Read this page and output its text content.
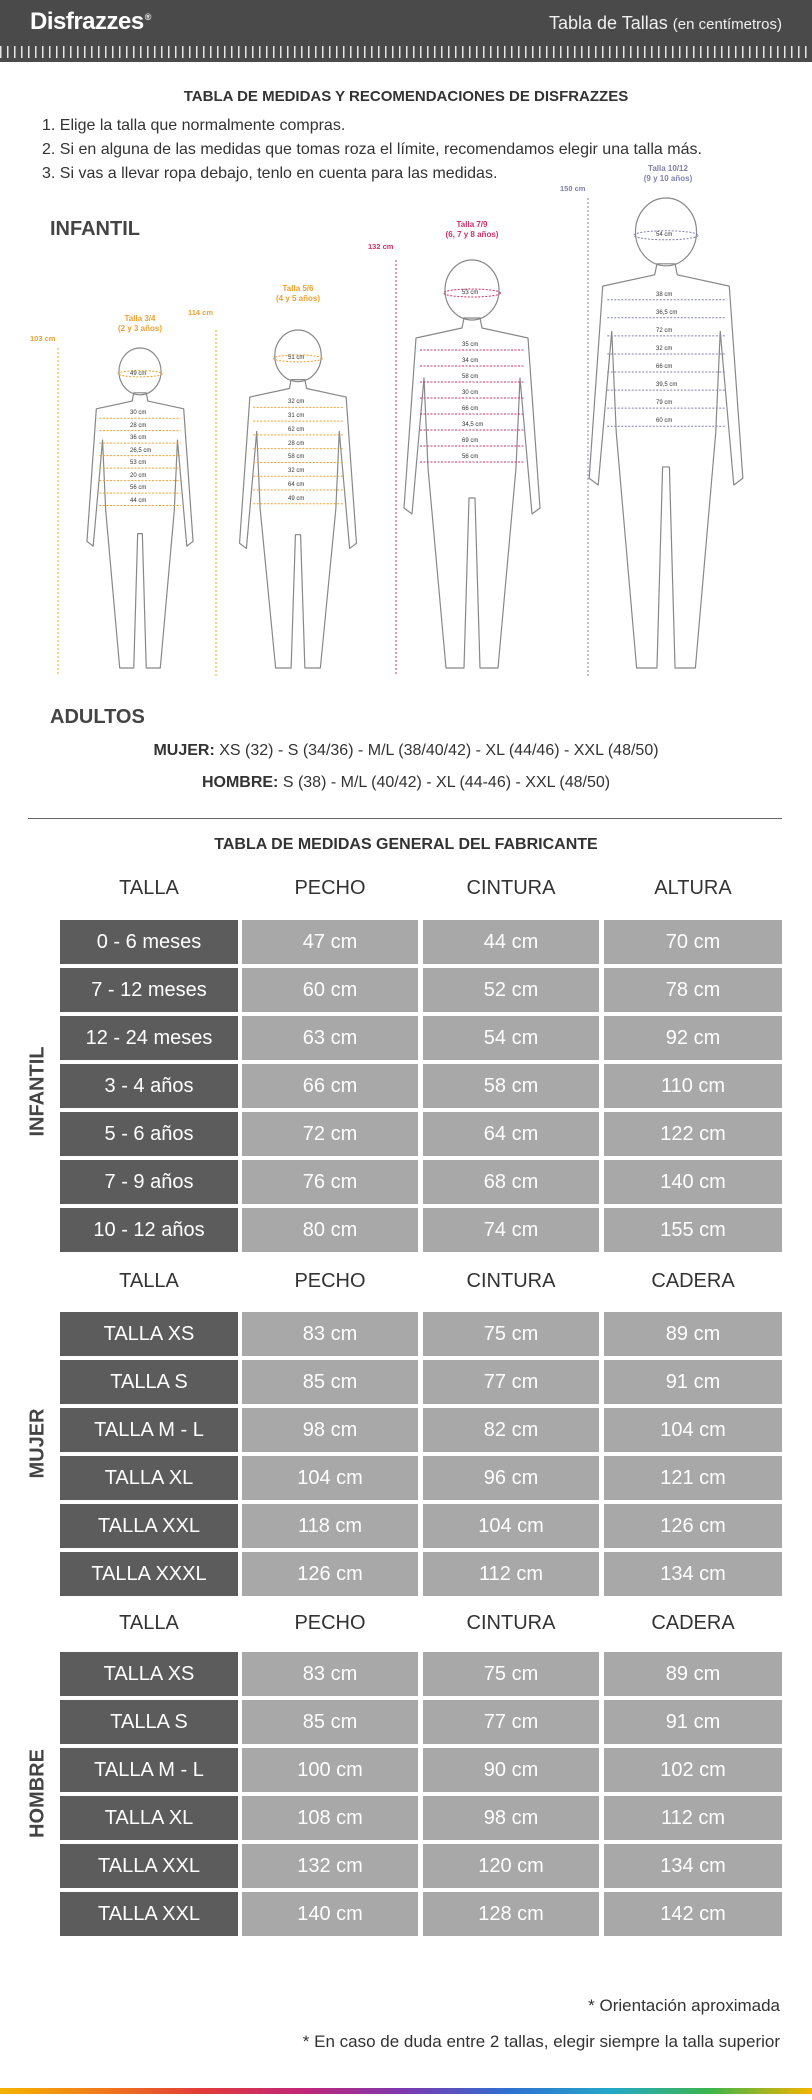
Disfrazzes®	Tabla de Tallas (en centímetros)
TABLA DE MEDIDAS Y RECOMENDACIONES DE DISFRAZZES
1. Elige la talla que normalmente compras.
2. Si en alguna de las medidas que tomas roza el límite, recomendamos elegir una talla más.
3. Si vas a llevar ropa debajo, tenlo en cuenta para las medidas.
INFANTIL
Talla 3/4
(2 y 3 años)
103 cm
49 cm
30 cm
28 cm
36 cm
26,5 cm
53 cm
20 cm
56 cm
44 cm
Talla 5/6
(4 y 5 años)
114 cm
51 cm
32 cm
31 cm
62 cm
28 cm
58 cm
32 cm
64 cm
49 cm
Talla 7/9
(6, 7 y 8 años)
132 cm
53 cm
35 cm
34 cm
58 cm
30 cm
66 cm
34,5 cm
69 cm
56 cm
Talla 10/12
(9 y 10 años)
150 cm
54 cm
38 cm
36,5 cm
72 cm
32 cm
66 cm
39,5 cm
79 cm
60 cm
ADULTOS
MUJER: XS (32) - S (34/36) - M/L (38/40/42) - XL (44/46) - XXL (48/50)
HOMBRE: S (38) - M/L (40/42) - XL (44-46) - XXL (48/50)
TABLA DE MEDIDAS GENERAL DEL FABRICANTE
TALLA	PECHO	CINTURA	ALTURA
INFANTIL
0 - 6 meses	47 cm	44 cm	70 cm
7 - 12 meses	60 cm	52 cm	78 cm
12 - 24 meses	63 cm	54 cm	92 cm
3 - 4 años	66 cm	58 cm	110 cm
5 - 6 años	72 cm	64 cm	122 cm
7 - 9 años	76 cm	68 cm	140 cm
10 - 12 años	80 cm	74 cm	155 cm
TALLA	PECHO	CINTURA	CADERA
MUJER
TALLA XS	83 cm	75 cm	89 cm
TALLA S	85 cm	77 cm	91 cm
TALLA M - L	98 cm	82 cm	104 cm
TALLA XL	104 cm	96 cm	121 cm
TALLA XXL	118 cm	104 cm	126 cm
TALLA XXXL	126 cm	112 cm	134 cm
TALLA	PECHO	CINTURA	CADERA
HOMBRE
TALLA XS	83 cm	75 cm	89 cm
TALLA S	85 cm	77 cm	91 cm
TALLA M - L	100 cm	90 cm	102 cm
TALLA XL	108 cm	98 cm	112 cm
TALLA XXL	132 cm	120 cm	134 cm
TALLA XXL	140 cm	128 cm	142 cm
* Orientación aproximada
* En caso de duda entre 2 tallas, elegir siempre la talla superior
